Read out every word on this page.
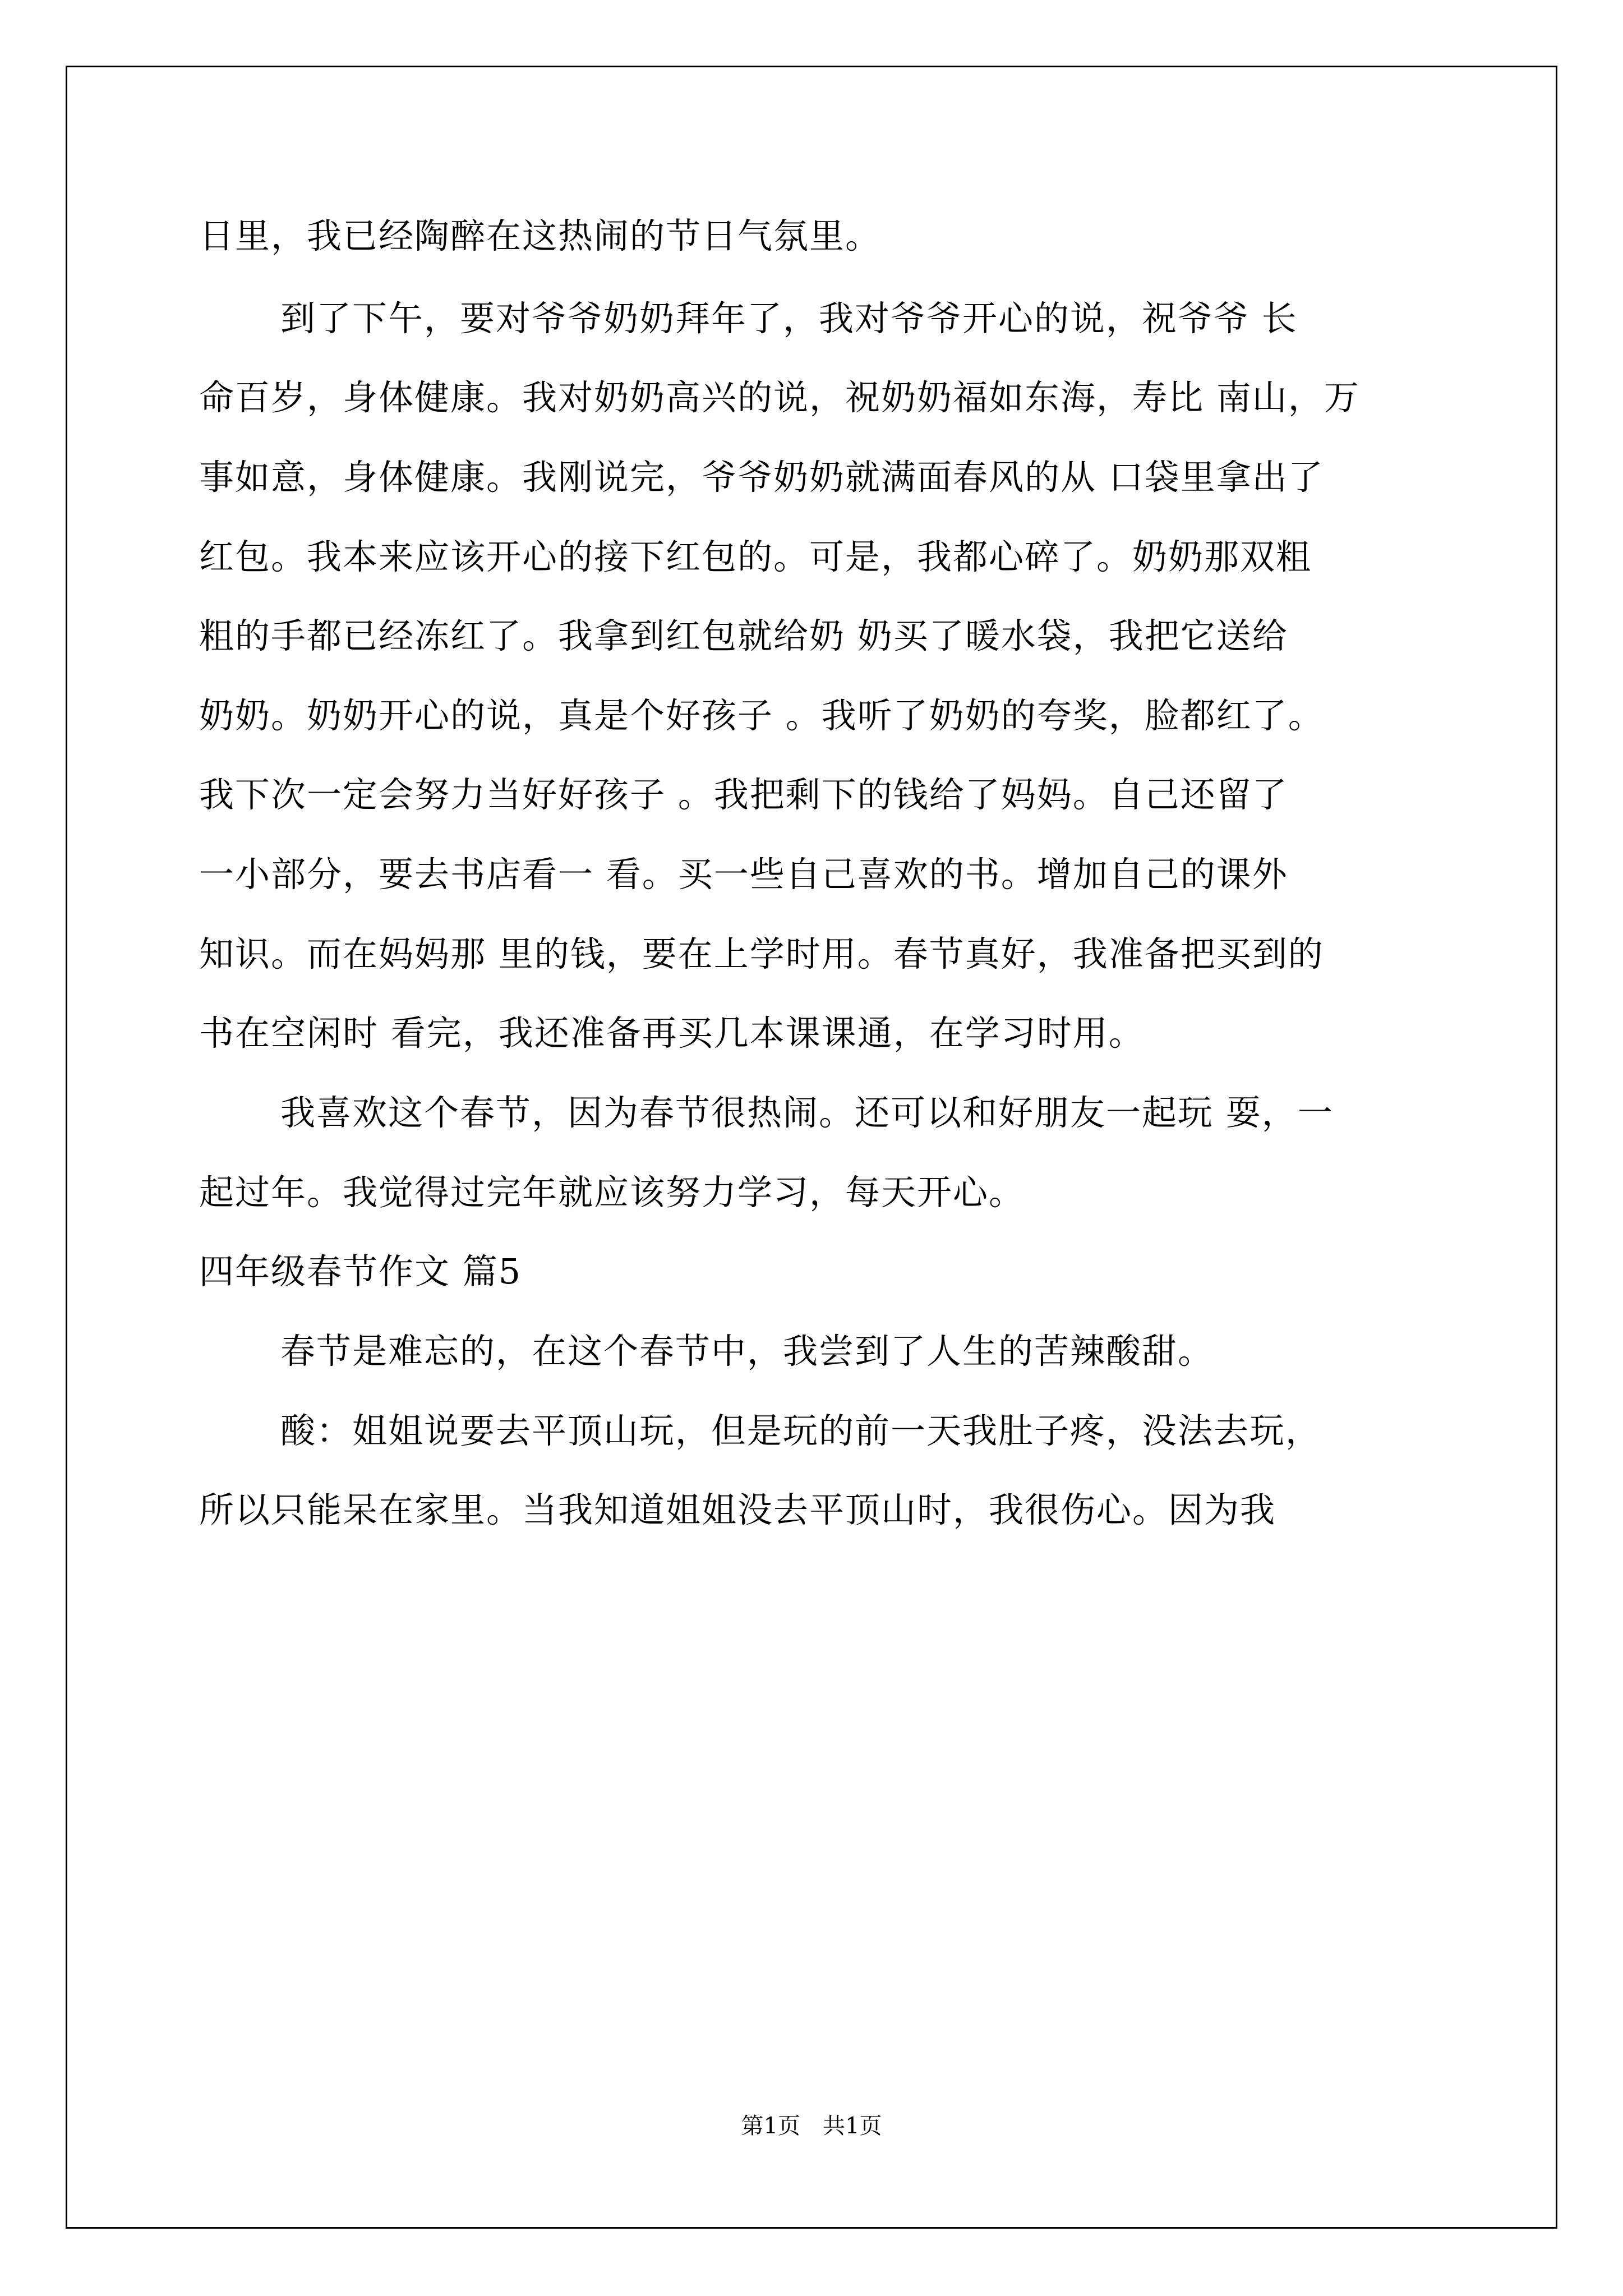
日里，我已经陶醉在这热闹的节日气氛里。
到了下午，要对爷爷奶奶拜年了，我对爷爷开心的说，祝爷爷 长
命百岁，身体健康。我对奶奶高兴的说，祝奶奶福如东海，寿比 南山，万
事如意，身体健康。我刚说完，爷爷奶奶就满面春风的从 口袋里拿出了
红包。我本来应该开心的接下红包的。可是，我都心碎了。奶奶那双粗
粗的手都已经冻红了。我拿到红包就给奶 奶买了暖水袋，我把它送给
奶奶。奶奶开心的说，真是个好孩子 。我听了奶奶的夸奖，脸都红了。
我下次一定会努力当好好孩子 。我把剩下的钱给了妈妈。自己还留了
一小部分，要去书店看一 看。买一些自己喜欢的书。增加自己的课外
知识。而在妈妈那 里的钱，要在上学时用。春节真好，我准备把买到的
书在空闲时 看完，我还准备再买几本课课通，在学习时用。
我喜欢这个春节，因为春节很热闹。还可以和好朋友一起玩 耍，一
起过年。我觉得过完年就应该努力学习，每天开心。
四年级春节作文 篇5
春节是难忘的，在这个春节中，我尝到了人生的苦辣酸甜。
酸：姐姐说要去平顶山玩，但是玩的前一天我肚子疼，没法去玩，
所以只能呆在家里。当我知道姐姐没去平顶山时，我很伤心。因为我
第1页　共1页
